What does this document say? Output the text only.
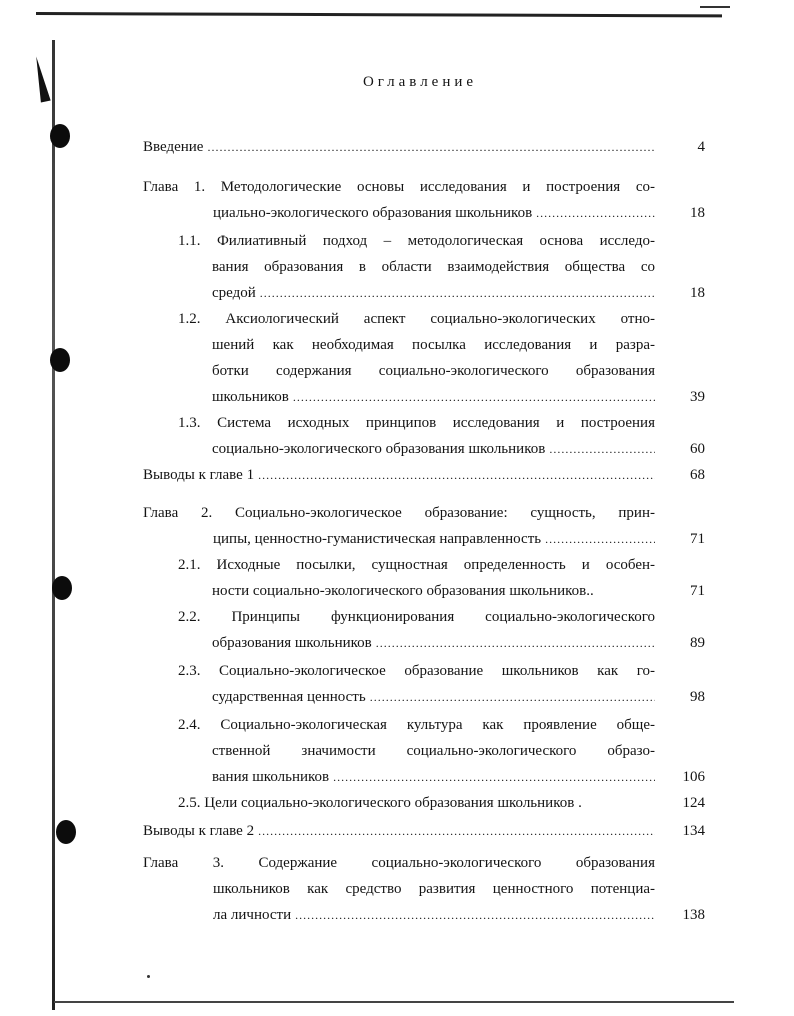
Оглавление
Введение . . .	4
Глава 1. Методологические основы исследования и построения со-
циально-экологического образования школьников . . .	18
1.1. Филиативный подход – методологическая основа исследо-
вания образования в области взаимодействия общества со
средой . . .	18
1.2. Аксиологический аспект социально-экологических отно-
шений как необходимая посылка исследования и разра-
ботки содержания социально-экологического образования
школьников . . .	39
1.3. Система исходных принципов исследования и построения
социально-экологического образования школьников . . .	60
Выводы к главе 1 . . .	68
Глава 2. Социально-экологическое образование: сущность, прин-
ципы, ценностно-гуманистическая направленность . . .	71
2.1. Исходные посылки, сущностная определенность и особен-
ности социально-экологического образования школьников..	71
2.2. Принципы функционирования социально-экологического
образования школьников . . .	89
2.3. Социально-экологическое образование школьников как го-
сударственная ценность . . .	98
2.4. Социально-экологическая культура как проявление обще-
ственной значимости социально-экологического образо-
вания школьников . . .	106
2.5. Цели социально-экологического образования школьников .	124
Выводы к главе 2 . . .	134
Глава 3. Содержание социально-экологического образования
школьников как средство развития ценностного потенциа-
ла личности . . .	138
